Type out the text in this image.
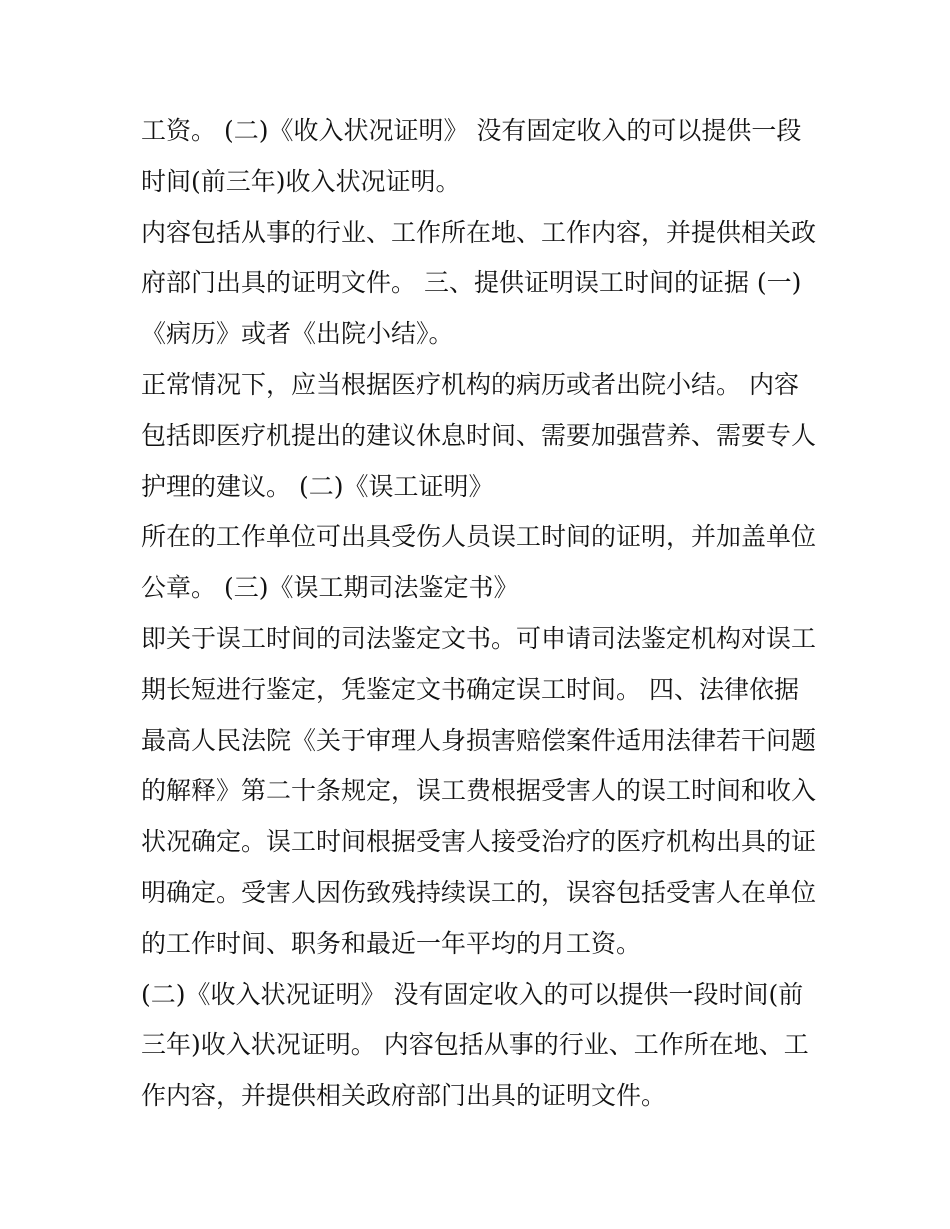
工资。 (二)《收入状况证明》 没有固定收入的可以提供一段
时间(前三年)收入状况证明。
内容包括从事的行业、工作所在地、工作内容，并提供相关政
府部门出具的证明文件。 三、提供证明误工时间的证据 (一)
《病历》或者《出院小结》。
正常情况下，应当根据医疗机构的病历或者出院小结。 内容
包括即医疗机提出的建议休息时间、需要加强营养、需要专人
护理的建议。 (二)《误工证明》
所在的工作单位可出具受伤人员误工时间的证明，并加盖单位
公章。 (三)《误工期司法鉴定书》
即关于误工时间的司法鉴定文书。可申请司法鉴定机构对误工
期长短进行鉴定，凭鉴定文书确定误工时间。 四、法律依据
最高人民法院《关于审理人身损害赔偿案件适用法律若干问题
的解释》第二十条规定，误工费根据受害人的误工时间和收入
状况确定。误工时间根据受害人接受治疗的医疗机构出具的证
明确定。受害人因伤致残持续误工的，误容包括受害人在单位
的工作时间、职务和最近一年平均的月工资。
(二)《收入状况证明》 没有固定收入的可以提供一段时间(前
三年)收入状况证明。 内容包括从事的行业、工作所在地、工
作内容，并提供相关政府部门出具的证明文件。
